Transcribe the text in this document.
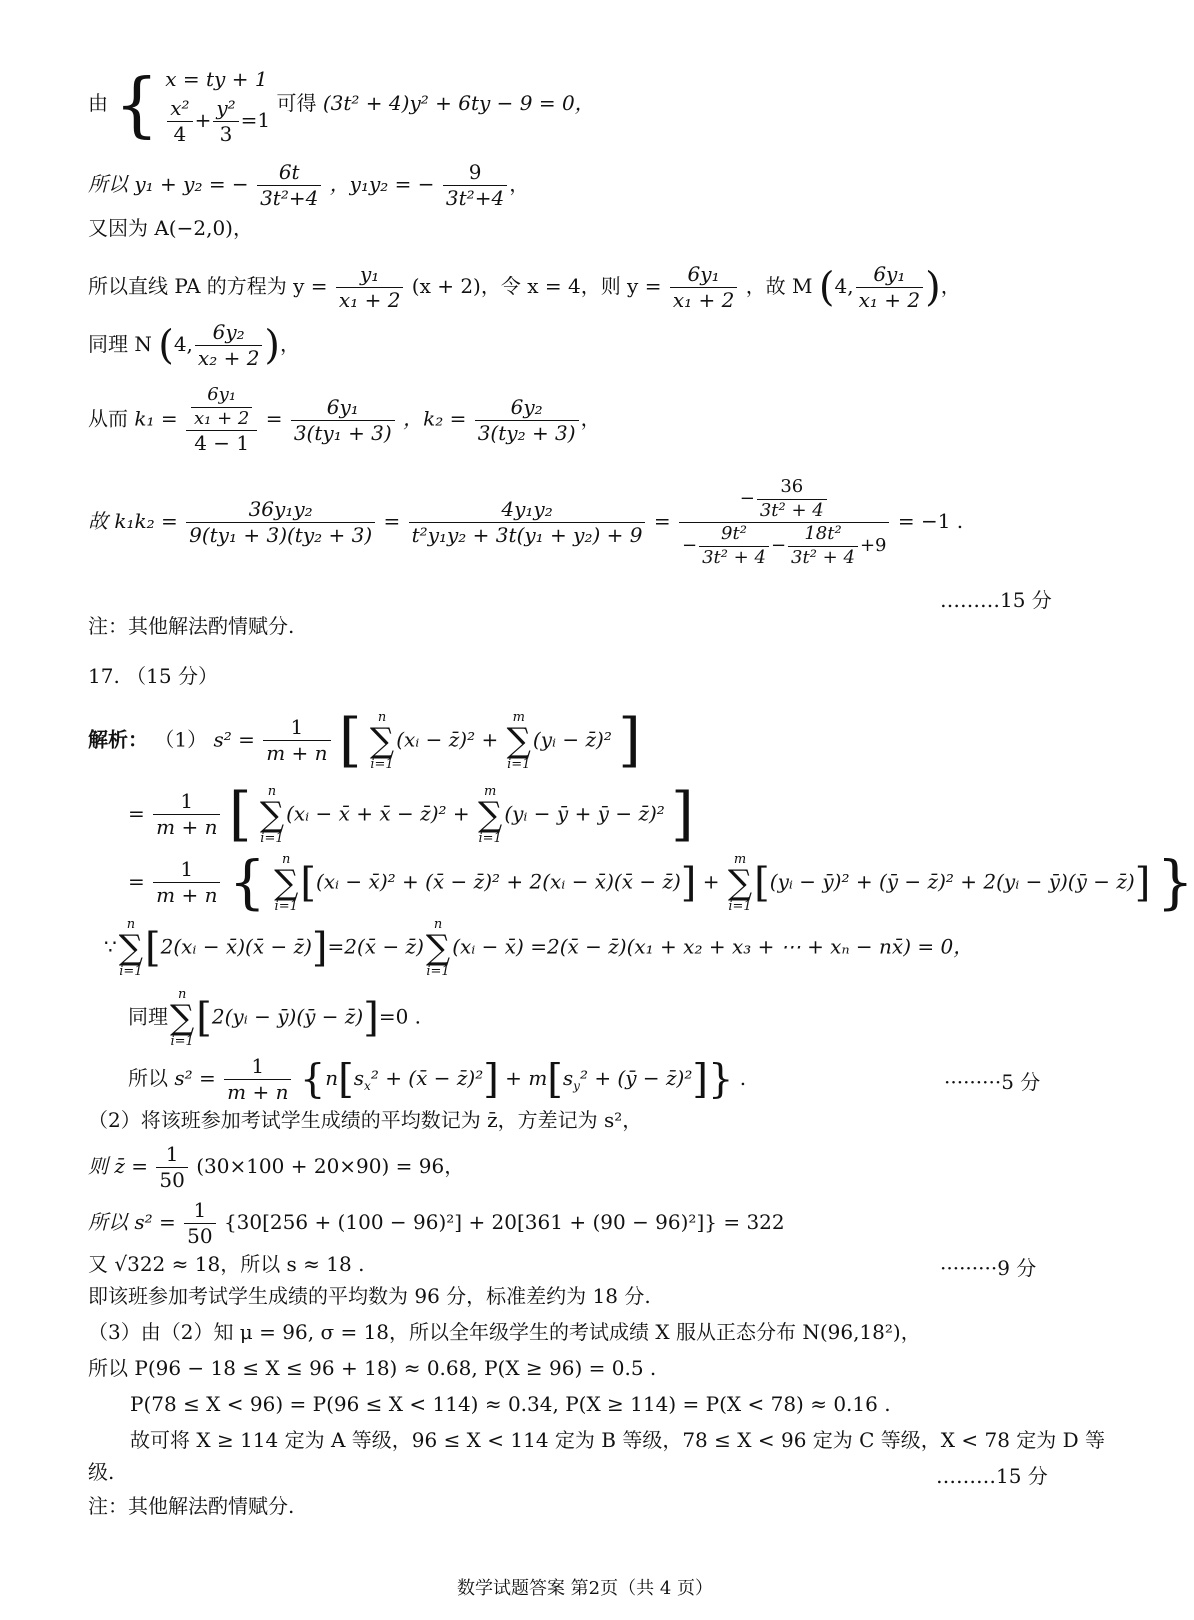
由 { x = ty + 1
$\frac{\text{x²}}{4} + \frac{\text{y²}}{3} =1$
可得 (3t² + 4)y² + 6ty − 9 = 0，
所以 y₁ + y₂ = − $\frac{6t}{\text{3t²+4}}$ ，y₁y₂ = − $\frac{9}{\text{3t²+4}}$ ，
又因为 A(−2,0)，
所以直线 PA 的方程为 $y = \frac{\text{y₁}}{\text{x₁ + 2}} (x + 2)$，令 x = 4，则 $y = \frac{\text{6y₁}}{\text{x₁ + 2}}$ ，故 M (4, $\frac{\text{6y₁}}{\text{x₁ + 2}}$ )，
同理 N (4, $\frac{\text{6y₂}}{\text{x₂ + 2}}$ )，
从而 $k_1 = \frac{\frac{\text{6y₁}}{\text{x₁ + 2}}}{4 - 1} = \frac{\text{6y₁}}{\text{3(ty₁ + 3)}}$ ，$k_2 = \frac{\text{6y₂}}{\text{3(ty₂ + 3)}}$ ，
故 $k_1k_2 = \frac{\text{36y₁y₂}}{\text{9(ty₁ + 3)(ty₂ + 3)}} = \frac{\text{4y₁y₂}}{\text{t²y₁y₂ + 3t(y₁ + y₂) + 9}} = \frac{- \frac{36}{\text{3t² + 4}}}{- \frac{\text{9t²}}{\text{3t² + 4}} - \frac{\text{18t²}}{\text{3t² + 4}} +9} = -1$ .
………15 分
注：其他解法酌情赋分.
17. （15 分）
解析： （1） $s^2 = \frac{1}{m + n}$ [ n
∑
i=1(xᵢ − z̄)² + m
∑
i=1(yᵢ − z̄)² ]
= $\frac{1}{m + n}$ [ n
∑
i=1(xᵢ − x̄ + x̄ − z̄)² + m
∑
i=1(yᵢ − ȳ + ȳ − z̄)² ]
= $\frac{1}{m + n}$ { n
∑
i=1[(xᵢ − x̄)² + (x̄ − z̄)² + 2(xᵢ − x̄)(x̄ − z̄)] + m
∑
i=1[(yᵢ − ȳ)² + (ȳ − z̄)² + 2(yᵢ − ȳ)(ȳ − z̄)] }
∵n
∑
i=1[2(xᵢ − x̄)(x̄ − z̄)]=2(x̄ − z̄)n
∑
i=1(xᵢ − x̄) =2(x̄ − z̄)(x₁ + x₂ + x₃ + ⋯ + xₙ − nx̄) = 0，
同理n
∑
i=1[2(yᵢ − ȳ)(ȳ − z̄)]=0 .
所以 $s^2 = \frac{1}{m + n} \{n[s_x^2$ + (x̄ − z̄)²] + $m[s_y^2$ + (ȳ − z̄)²]} .	·········5 分
（2）将该班参加考试学生成绩的平均数记为 z̄，方差记为 s²，
则 z̄ = $\frac{1}{50} (30\times 100 + 20\times 90) = 96$，
所以 $s^2 = \frac{1}{50} \{30[256 + (100 - 96)^2] + 20[361 + (90 - 96)^2]\} = 322$
又 √322 ≈ 18，所以 s ≈ 18 .	·········9 分
即该班参加考试学生成绩的平均数为 96 分，标准差约为 18 分.
（3）由（2）知 μ = 96, σ = 18，所以全年级学生的考试成绩 X 服从正态分布 N(96,18²)，
所以 P(96 − 18 ≤ X ≤ 96 + 18) ≈ 0.68, P(X ≥ 96) = 0.5 .
P(78 ≤ X < 96) = P(96 ≤ X < 114) ≈ 0.34, P(X ≥ 114) = P(X < 78) ≈ 0.16 .
故可将 X ≥ 114 定为 A 等级，96 ≤ X < 114 定为 B 等级，78 ≤ X < 96 定为 C 等级，X < 78 定为 D 等
级.	………15 分
注：其他解法酌情赋分.
数学试题答案 第2页（共 4 页）
